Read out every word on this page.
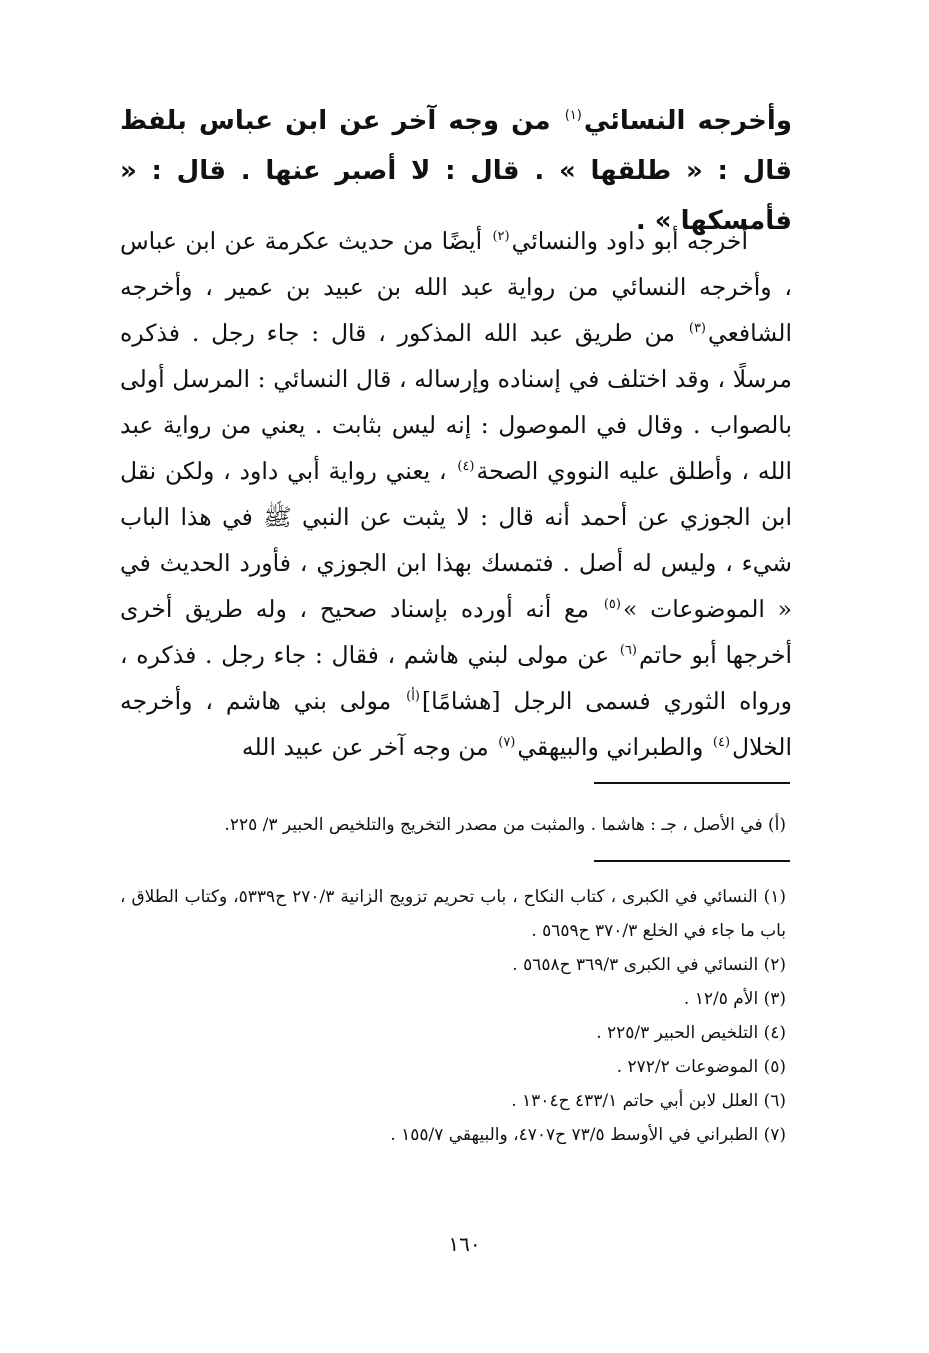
وأخرجه النسائي$^{(١)}$ من وجه آخر عن ابن عباس بلفظ قال : « طلقها » . قال : لا أصبر عنها . قال : « فأمسكها » .

أخرجه أبو داود والنسائي$^{(٢)}$ أيضًا من حديث عكرمة عن ابن عباس ، وأخرجه النسائي من رواية عبد الله بن عبيد بن عمير ، وأخرجه الشافعي$^{(٣)}$ من طريق عبد الله المذكور ، قال : جاء رجل . فذكره مرسلًا ، وقد اختلف في إسناده وإرساله ، قال النسائي : المرسل أولى بالصواب . وقال في الموصول : إنه ليس بثابت . يعني من رواية عبد الله ، وأطلق عليه النووي الصحة$^{(٤)}$ ، يعني رواية أبي داود ، ولكن نقل ابن الجوزي عن أحمد أنه قال : لا يثبت عن النبي ﷺ في هذا الباب شيء ، وليس له أصل . فتمسك بهذا ابن الجوزي ، فأورد الحديث في « الموضوعات »$^{(٥)}$ مع أنه أورده بإسناد صحيح ، وله طريق أخرى أخرجها أبو حاتم$^{(٦)}$ عن مولى لبني هاشم ، فقال : جاء رجل . فذكره ، ورواه الثوري فسمى الرجل [هشامًا]$^{(أ)}$ مولى بني هاشم ، وأخرجه الخلال$^{(٤)}$ والطبراني والبيهقي$^{(٧)}$ من وجه آخر عن عبيد الله

(أ) في الأصل ، جـ : هاشما . والمثبت من مصدر التخريج والتلخيص الحبير ٣/ ٢٢٥.

(١) النسائي في الكبرى ، كتاب النكاح ، باب تحريم تزويج الزانية ٢٧٠/٣ ح٥٣٣٩، وكتاب الطلاق ، باب ما جاء في الخلع ٣٧٠/٣ ح٥٦٥٩ .
(٢) النسائي في الكبرى ٣٦٩/٣ ح٥٦٥٨ .
(٣) الأم ١٢/٥ .
(٤) التلخيص الحبير ٢٢٥/٣ .
(٥) الموضوعات ٢٧٢/٢ .
(٦) العلل لابن أبي حاتم ٤٣٣/١ ح١٣٠٤ .
(٧) الطبراني في الأوسط ٧٣/٥ ح٤٧٠٧، والبيهقي ١٥٥/٧ .
١٦٠
